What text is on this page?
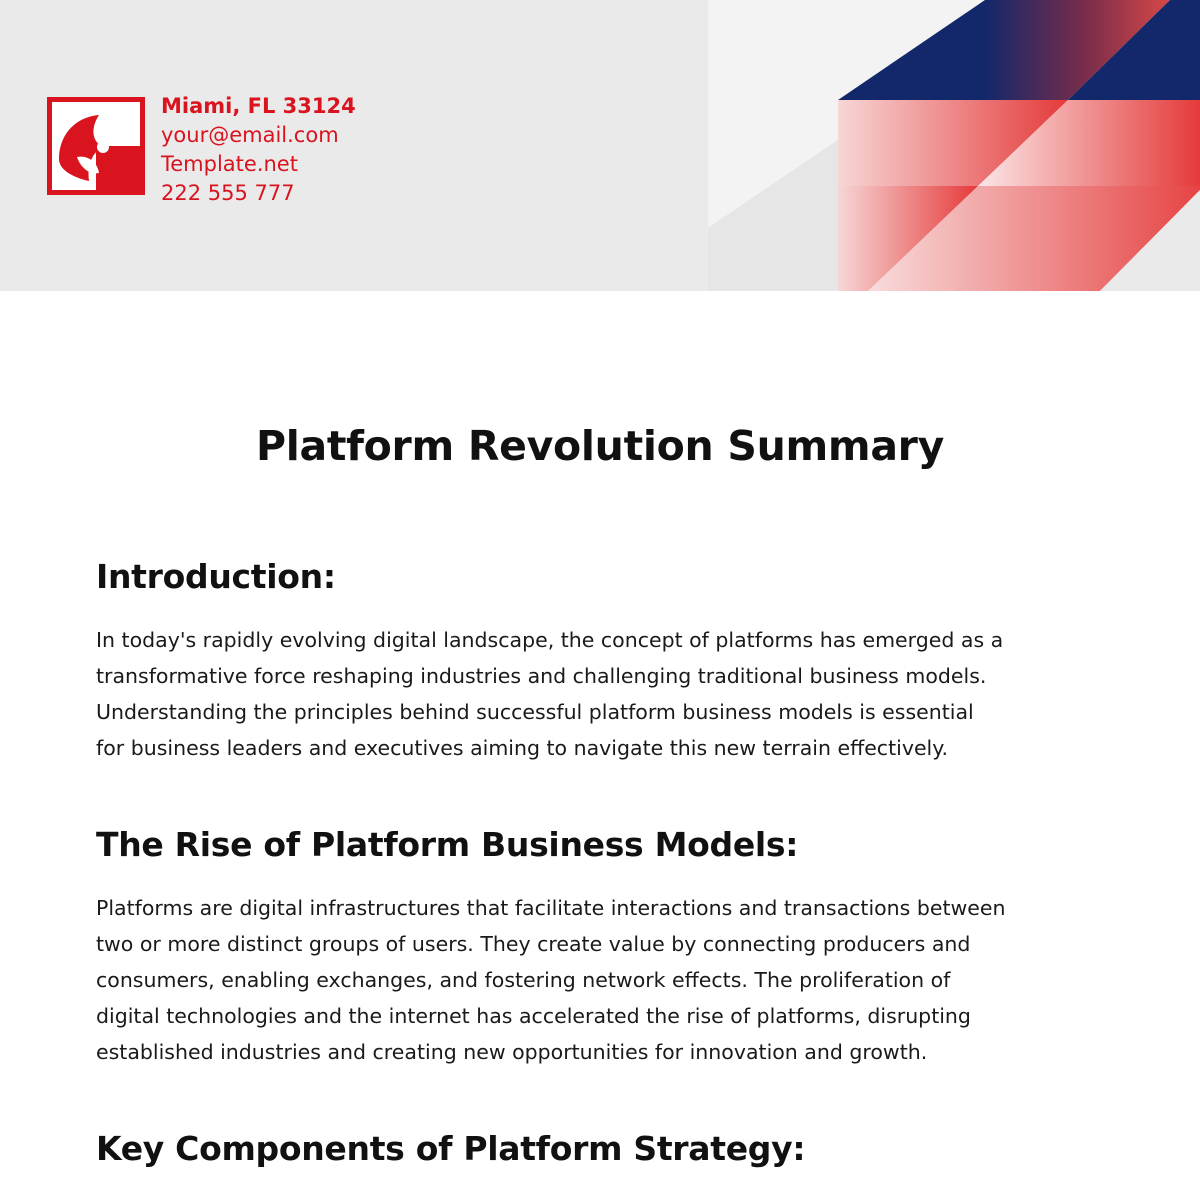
Miami, FL 33124
your@email.com
Template.net
222 555 777
Platform Revolution Summary
Introduction:

In today's rapidly evolving digital landscape, the concept of platforms has emerged as a
transformative force reshaping industries and challenging traditional business models.
Understanding the principles behind successful platform business models is essential
for business leaders and executives aiming to navigate this new terrain effectively.

The Rise of Platform Business Models:

Platforms are digital infrastructures that facilitate interactions and transactions between
two or more distinct groups of users. They create value by connecting producers and
consumers, enabling exchanges, and fostering network effects. The proliferation of
digital technologies and the internet has accelerated the rise of platforms, disrupting
established industries and creating new opportunities for innovation and growth.

Key Components of Platform Strategy:
